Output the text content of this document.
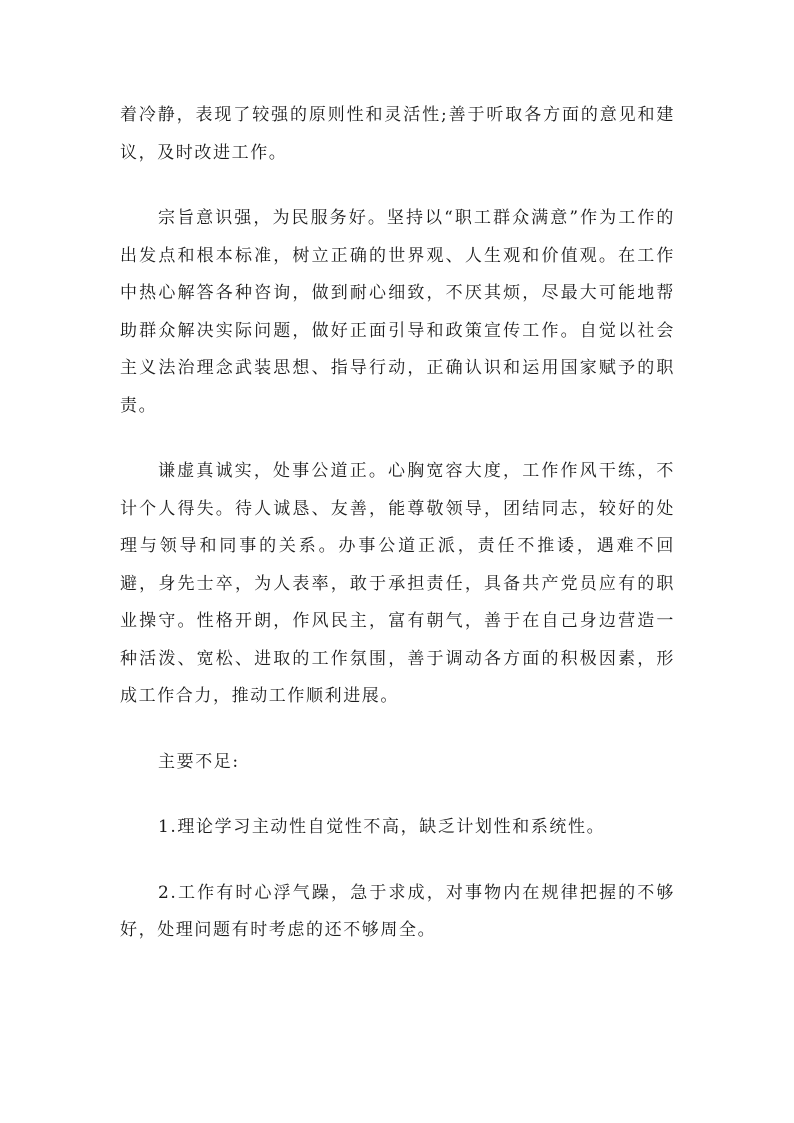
着冷静，表现了较强的原则性和灵活性;善于听取各方面的意见和建议，及时改进工作。

宗旨意识强，为民服务好。坚持以“职工群众满意”作为工作的出发点和根本标准，树立正确的世界观、人生观和价值观。在工作中热心解答各种咨询，做到耐心细致，不厌其烦，尽最大可能地帮助群众解决实际问题，做好正面引导和政策宣传工作。自觉以社会主义法治理念武装思想、指导行动，正确认识和运用国家赋予的职责。

谦虚真诚实，处事公道正。心胸宽容大度，工作作风干练，不计个人得失。待人诚恳、友善，能尊敬领导，团结同志，较好的处理与领导和同事的关系。办事公道正派，责任不推诿，遇难不回避，身先士卒，为人表率，敢于承担责任，具备共产党员应有的职业操守。性格开朗，作风民主，富有朝气，善于在自己身边营造一种活泼、宽松、进取的工作氛围，善于调动各方面的积极因素，形成工作合力，推动工作顺利进展。

主要不足:

1.理论学习主动性自觉性不高，缺乏计划性和系统性。

2.工作有时心浮气躁，急于求成，对事物内在规律把握的不够好，处理问题有时考虑的还不够周全。
